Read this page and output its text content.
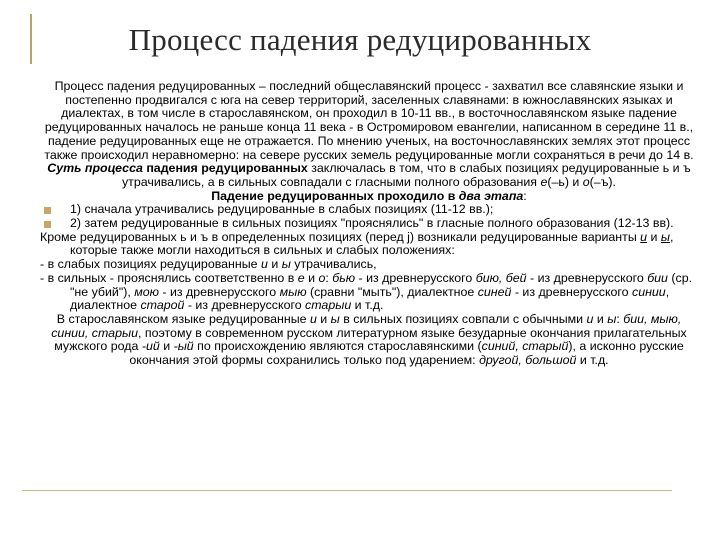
Процесс падения редуцированных

Процесс падения редуцированных – последний общеславянский процесс - захватил все славянские языки и постепенно продвигался с юга на север территорий, заселенных славянами: в южнославянских языках и диалектах, в том числе в старославянском, он проходил в 10-11 вв., в восточнославянском языке падение редуцированных началось не раньше конца 11 века - в Остромировом евангелии, написанном в середине 11 в., падение редуцированных еще не отражается. По мнению ученых, на восточнославянских землях этот процесс также происходил неравномерно: на севере русских земель редуцированные могли сохраняться в речи до 14 в.

Суть процесса падения редуцированных заключалась в том, что в слабых позициях редуцированные ь и ъ утрачивались, а в сильных совпадали с гласными полного образования е(–ь) и о(–ъ).

Падение редуцированных проходило в два этапа:

1) сначала утрачивались редуцированные в слабых позициях (11-12 вв.);

2) затем редуцированные в сильных позициях "прояснялись" в гласные полного образования (12-13 вв).

Кроме редуцированных ь и ъ в определенных позициях (перед j) возникали редуцированные варианты и и ы, которые также могли находиться в сильных и слабых положениях:

- в слабых позициях редуцированные и и ы утрачивались,

- в сильных - прояснялись соответственно в е и о: бью - из древнерусского бию, бей - из древнерусского бии (ср. "не убий"), мою - из древнерусского мыю (сравни "мыть"), диалектное синей - из древнерусского синии, диалектное старой - из древнерусского старыи и т.д.

В старославянском языке редуцированные и и ы в сильных позициях совпали с обычными и и ы: бии, мыю, синии, старыи, поэтому в современном русском литературном языке безударные окончания прилагательных мужского рода -ий и -ый по происхождению являются старославянскими (синий, старый), а исконно русские окончания этой формы сохранились только под ударением: другой, большой и т.д.
